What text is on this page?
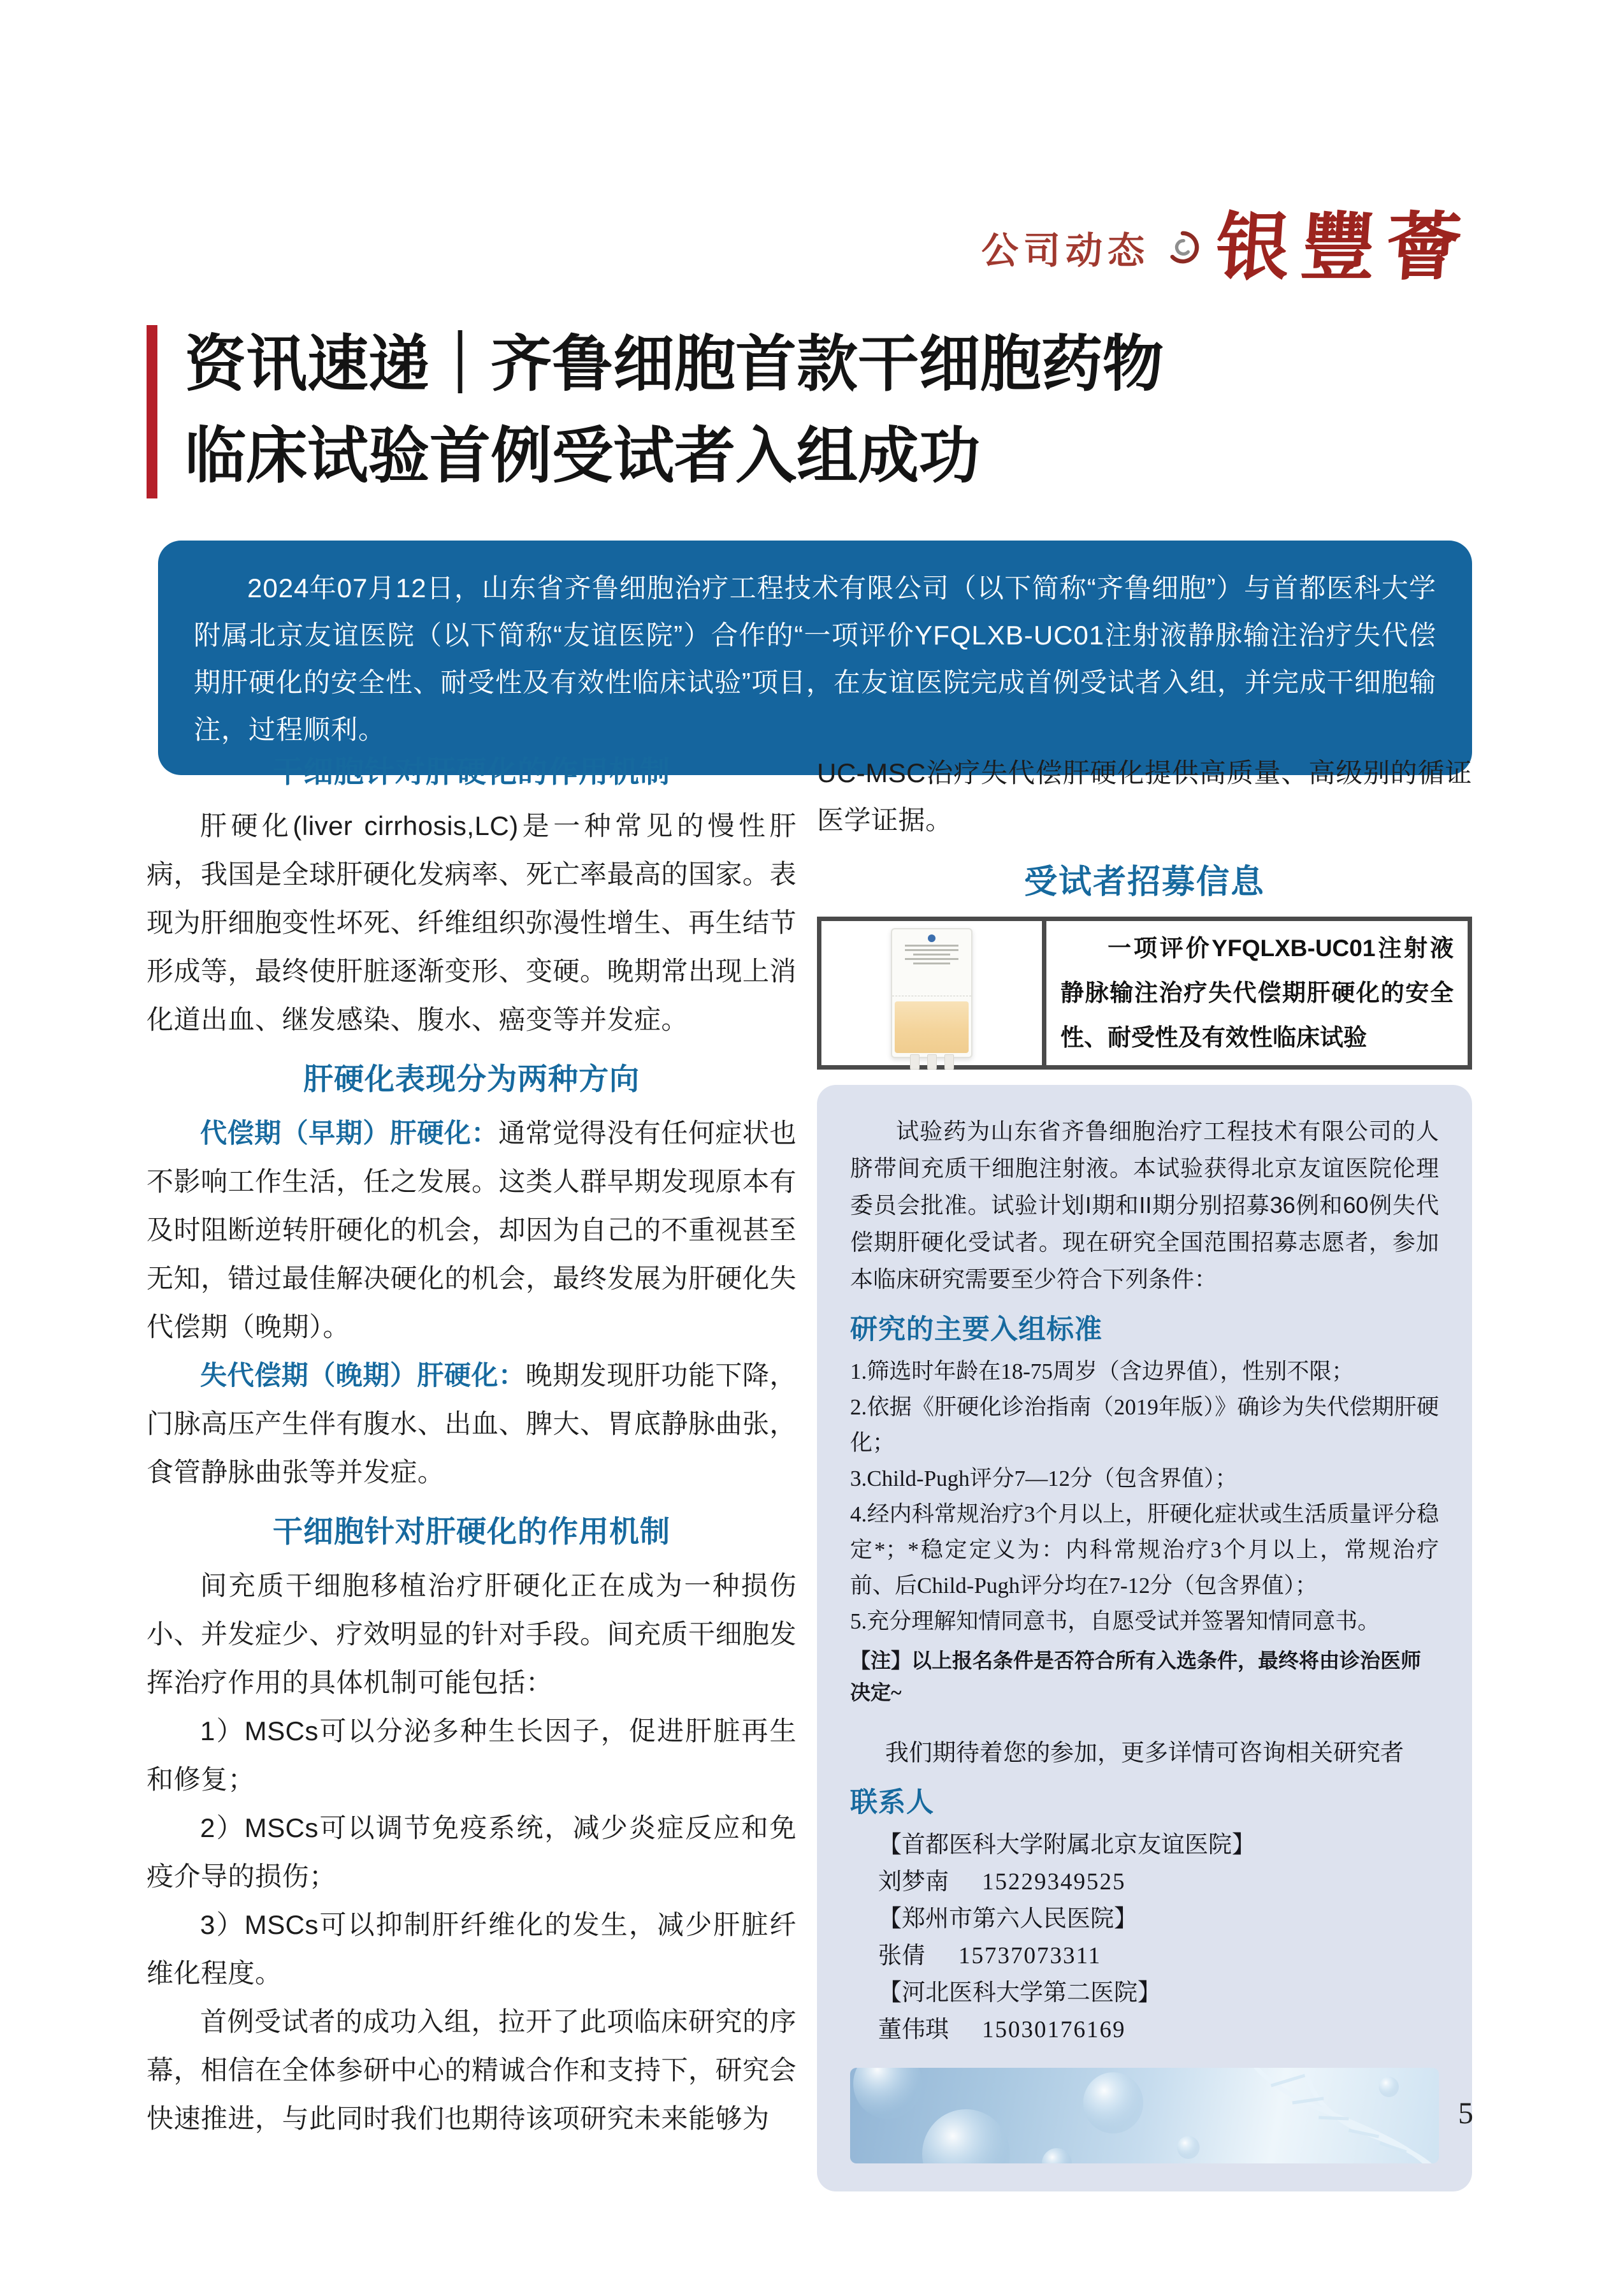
公司动态 银豐薈
资讯速递｜齐鲁细胞首款干细胞药物
临床试验首例受试者入组成功

2024年07月12日，山东省齐鲁细胞治疗工程技术有限公司（以下简称“齐鲁细胞”）与首都医科大学附属北京友谊医院（以下简称“友谊医院”）合作的“一项评价YFQLXB-UC01注射液静脉输注治疗失代偿期肝硬化的安全性、耐受性及有效性临床试验”项目，在友谊医院完成首例受试者入组，并完成干细胞输注，过程顺利。

干细胞针对肝硬化的作用机制

肝硬化(liver cirrhosis,LC)是一种常见的慢性肝病，我国是全球肝硬化发病率、死亡率最高的国家。表现为肝细胞变性坏死、纤维组织弥漫性增生、再生结节形成等，最终使肝脏逐渐变形、变硬。晚期常出现上消化道出血、继发感染、腹水、癌变等并发症。

肝硬化表现分为两种方向

代偿期（早期）肝硬化：通常觉得没有任何症状也不影响工作生活，任之发展。这类人群早期发现原本有及时阻断逆转肝硬化的机会，却因为自己的不重视甚至无知，错过最佳解决硬化的机会，最终发展为肝硬化失代偿期（晚期）。

失代偿期（晚期）肝硬化：晚期发现肝功能下降，门脉高压产生伴有腹水、出血、脾大、胃底静脉曲张，食管静脉曲张等并发症。

干细胞针对肝硬化的作用机制

间充质干细胞移植治疗肝硬化正在成为一种损伤小、并发症少、疗效明显的针对手段。间充质干细胞发挥治疗作用的具体机制可能包括：

1）MSCs可以分泌多种生长因子，促进肝脏再生和修复；

2）MSCs可以调节免疫系统，减少炎症反应和免疫介导的损伤；

3）MSCs可以抑制肝纤维化的发生，减少肝脏纤维化程度。

首例受试者的成功入组，拉开了此项临床研究的序幕，相信在全体参研中心的精诚合作和支持下，研究会快速推进，与此同时我们也期待该项研究未来能够为

UC-MSC治疗失代偿肝硬化提供高质量、高级别的循证医学证据。

受试者招募信息

一项评价YFQLXB-UC01注射液静脉输注治疗失代偿期肝硬化的安全性、耐受性及有效性临床试验

试验药为山东省齐鲁细胞治疗工程技术有限公司的人脐带间充质干细胞注射液。本试验获得北京友谊医院伦理委员会批准。试验计划I期和II期分别招募36例和60例失代偿期肝硬化受试者。现在研究全国范围招募志愿者，参加本临床研究需要至少符合下列条件：

研究的主要入组标准

1.筛选时年龄在18-75周岁（含边界值），性别不限；

2.依据《肝硬化诊治指南（2019年版）》确诊为失代偿期肝硬化；

3.Child-Pugh评分7—12分（包含界值）；

4.经内科常规治疗3个月以上，肝硬化症状或生活质量评分稳定*；*稳定定义为：内科常规治疗3个月以上，常规治疗前、后Child-Pugh评分均在7-12分（包含界值）；

5.充分理解知情同意书，自愿受试并签署知情同意书。

【注】以上报名条件是否符合所有入选条件，最终将由诊治医师决定~

我们期待着您的参加，更多详情可咨询相关研究者

联系人

【首都医科大学附属北京友谊医院】

刘梦南 15229349525

【郑州市第六人民医院】

张倩 15737073311

【河北医科大学第二医院】

董伟琪 15030176169

5
